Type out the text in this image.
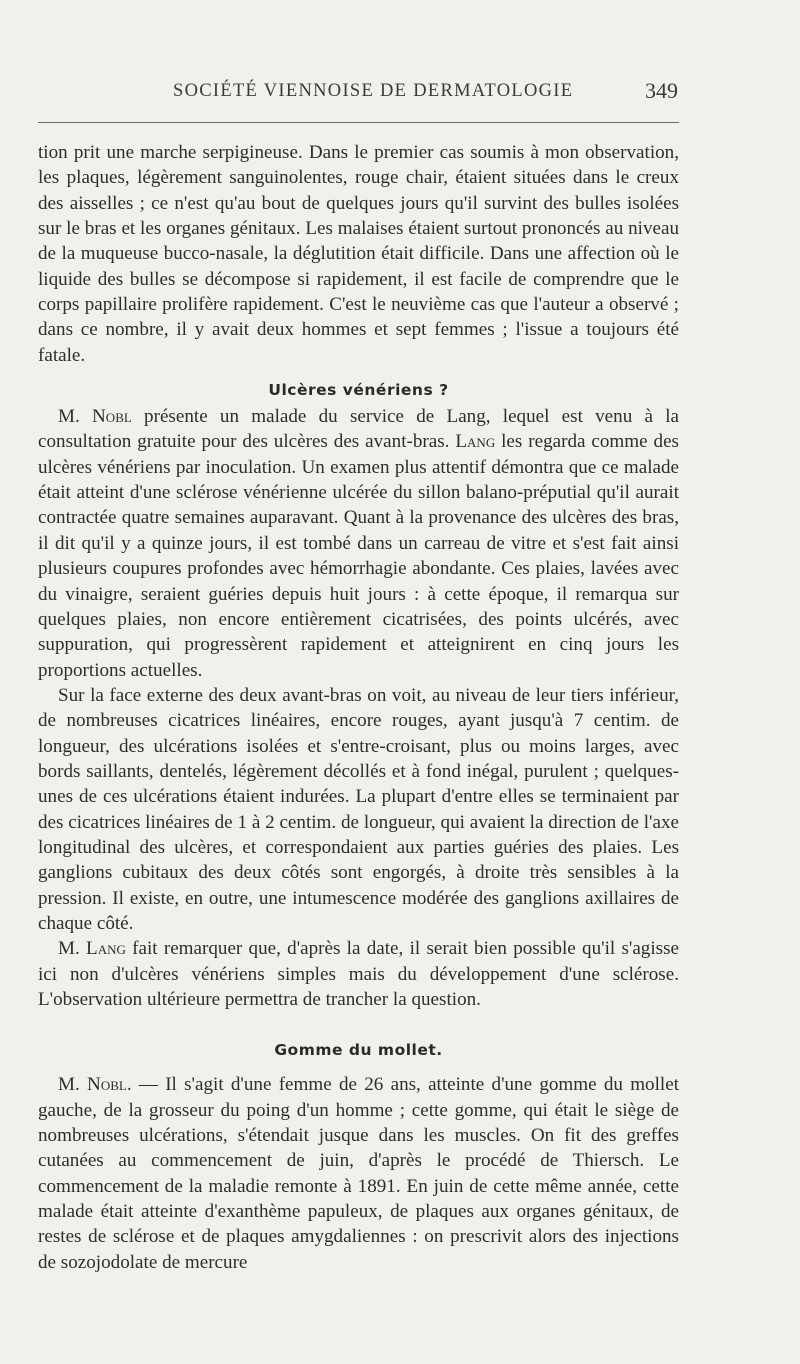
SOCIÉTÉ VIENNOISE DE DERMATOLOGIE	349

tion prit une marche serpigineuse. Dans le premier cas soumis à mon observation, les plaques, légèrement sanguinolentes, rouge chair, étaient situées dans le creux des aisselles ; ce n'est qu'au bout de quelques jours qu'il survint des bulles isolées sur le bras et les organes génitaux. Les malaises étaient surtout prononcés au niveau de la muqueuse bucco-nasale, la déglutition était difficile. Dans une affection où le liquide des bulles se décompose si rapidement, il est facile de comprendre que le corps papillaire prolifère rapidement. C'est le neuvième cas que l'auteur a observé ; dans ce nombre, il y avait deux hommes et sept femmes ; l'issue a toujours été fatale.

Ulcères vénériens ?

M. Nobl présente un malade du service de Lang, lequel est venu à la consultation gratuite pour des ulcères des avant-bras. Lang les regarda comme des ulcères vénériens par inoculation. Un examen plus attentif démontra que ce malade était atteint d'une sclérose vénérienne ulcérée du sillon balano-préputial qu'il aurait contractée quatre semaines auparavant. Quant à la provenance des ulcères des bras, il dit qu'il y a quinze jours, il est tombé dans un carreau de vitre et s'est fait ainsi plusieurs coupures profondes avec hémorrhagie abondante. Ces plaies, lavées avec du vinaigre, seraient guéries depuis huit jours : à cette époque, il remarqua sur quelques plaies, non encore entièrement cicatrisées, des points ulcérés, avec suppuration, qui progressèrent rapidement et atteignirent en cinq jours les proportions actuelles.

Sur la face externe des deux avant-bras on voit, au niveau de leur tiers inférieur, de nombreuses cicatrices linéaires, encore rouges, ayant jusqu'à 7 centim. de longueur, des ulcérations isolées et s'entre-croisant, plus ou moins larges, avec bords saillants, dentelés, légèrement décollés et à fond inégal, purulent ; quelques-unes de ces ulcérations étaient indurées. La plupart d'entre elles se terminaient par des cicatrices linéaires de 1 à 2 centim. de longueur, qui avaient la direction de l'axe longitudinal des ulcères, et correspondaient aux parties guéries des plaies. Les ganglions cubitaux des deux côtés sont engorgés, à droite très sensibles à la pression. Il existe, en outre, une intumescence modérée des ganglions axillaires de chaque côté.

M. Lang fait remarquer que, d'après la date, il serait bien possible qu'il s'agisse ici non d'ulcères vénériens simples mais du développement d'une sclérose. L'observation ultérieure permettra de trancher la question.

Gomme du mollet.

M. Nobl. — Il s'agit d'une femme de 26 ans, atteinte d'une gomme du mollet gauche, de la grosseur du poing d'un homme ; cette gomme, qui était le siège de nombreuses ulcérations, s'étendait jusque dans les muscles. On fit des greffes cutanées au commencement de juin, d'après le procédé de Thiersch. Le commencement de la maladie remonte à 1891. En juin de cette même année, cette malade était atteinte d'exanthème papuleux, de plaques aux organes génitaux, de restes de sclérose et de plaques amygdaliennes : on prescrivit alors des injections de sozojodolate de mercure
